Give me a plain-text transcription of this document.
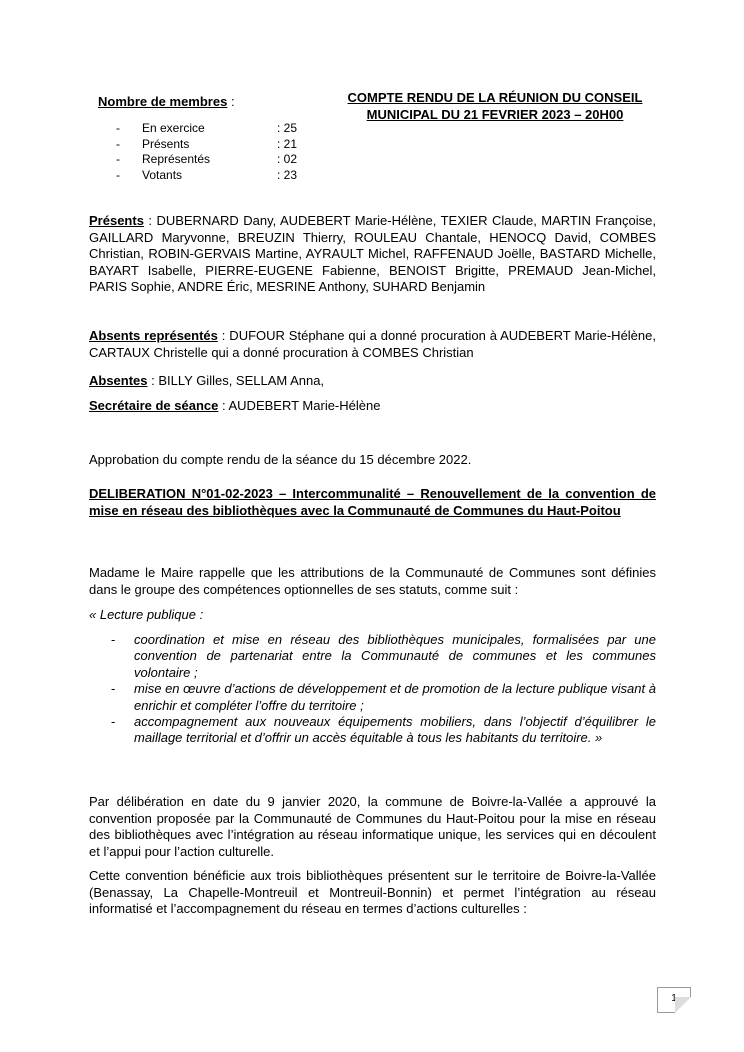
Nombre de membres :
-	En exercice	: 25
-	Présents	: 21
-	Représentés	: 02
-	Votants	: 23
COMPTE RENDU DE LA RÉUNION DU CONSEIL
MUNICIPAL DU 21 FEVRIER 2023 – 20H00
Présents : DUBERNARD Dany, AUDEBERT Marie-Hélène, TEXIER Claude, MARTIN Françoise, GAILLARD Maryvonne, BREUZIN Thierry, ROULEAU Chantale, HENOCQ David, COMBES Christian, ROBIN-GERVAIS Martine, AYRAULT Michel, RAFFENAUD Joëlle, BASTARD Michelle, BAYART Isabelle, PIERRE-EUGENE Fabienne, BENOIST Brigitte, PREMAUD Jean-Michel, PARIS Sophie, ANDRE Éric, MESRINE Anthony, SUHARD Benjamin
Absents représentés : DUFOUR Stéphane qui a donné procuration à AUDEBERT Marie-Hélène, CARTAUX Christelle qui a donné procuration à COMBES Christian
Absentes : BILLY Gilles, SELLAM Anna,
Secrétaire de séance : AUDEBERT Marie-Hélène
Approbation du compte rendu de la séance du 15 décembre 2022.
DELIBERATION N°01-02-2023 – Intercommunalité – Renouvellement de la convention de mise en réseau des bibliothèques avec la Communauté de Communes du Haut-Poitou
Madame le Maire rappelle que les attributions de la Communauté de Communes sont définies dans le groupe des compétences optionnelles de ses statuts, comme suit :
« Lecture publique :
-	coordination et mise en réseau des bibliothèques municipales, formalisées par une convention de partenariat entre la Communauté de communes et les communes volontaire ;
-	mise en œuvre d’actions de développement et de promotion de la lecture publique visant à enrichir et compléter l’offre du territoire ;
-	accompagnement aux nouveaux équipements mobiliers, dans l’objectif d’équilibrer le maillage territorial et d’offrir un accès équitable à tous les habitants du territoire. »
Par délibération en date du 9 janvier 2020, la commune de Boivre-la-Vallée a approuvé la convention proposée par la Communauté de Communes du Haut-Poitou pour la mise en réseau des bibliothèques avec l’intégration au réseau informatique unique, les services qui en découlent et l’appui pour l’action culturelle.
Cette convention bénéficie aux trois bibliothèques présentent sur le territoire de Boivre-la-Vallée (Benassay, La Chapelle-Montreuil et Montreuil-Bonnin) et permet l’intégration au réseau informatisé et l’accompagnement du réseau en termes d’actions culturelles :
1
